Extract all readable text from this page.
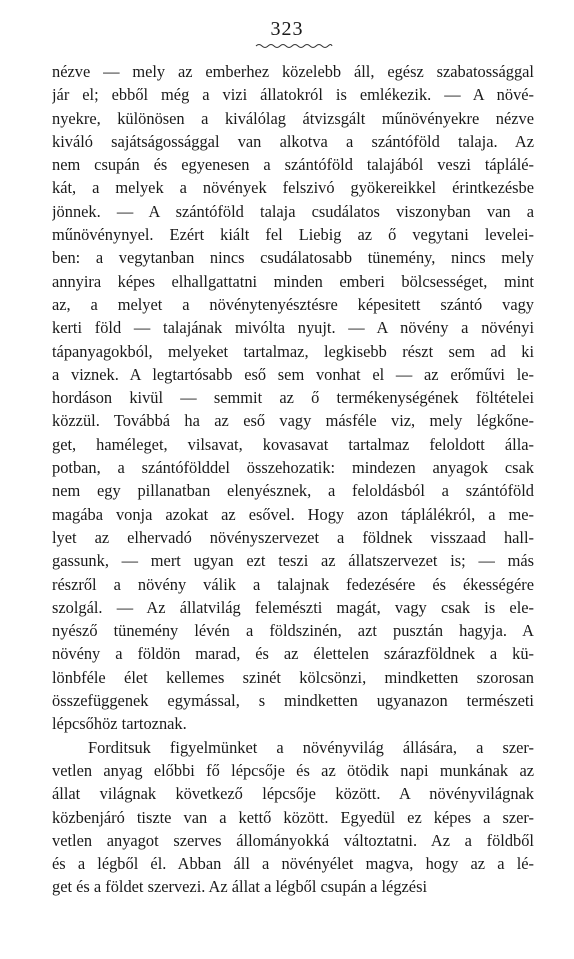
323
nézve — mely az emberhez közelebb áll, egész szabatossággal
jár el; ebből még a vizi állatokról is emlékezik. — A növé-
nyekre, különösen a kiválólag átvizsgált műnövényekre nézve
kiváló sajátságossággal van alkotva a szántóföld talaja. Az
nem csupán és egyenesen a szántóföld talajából veszi táplálé-
kát, a melyek a növények felszivó gyökereikkel érintkezésbe
jönnek. — A szántóföld talaja csudálatos viszonyban van a
műnövénynyel. Ezért kiált fel Liebig az ő vegytani levelei-
ben: a vegytanban nincs csudálatosabb tünemény, nincs mely
annyira képes elhallgattatni minden emberi bölcsességet, mint
az, a melyet a növénytenyésztésre képesitett szántó vagy
kerti föld — talajának mivólta nyujt. — A növény a növényi
tápanyagokból, melyeket tartalmaz, legkisebb részt sem ad ki
a viznek. A legtartósabb eső sem vonhat el — az erőművi le-
hordáson kivül — semmit az ő termékenységének föltételei
közzül. Továbbá ha az eső vagy másféle viz, mely légkőne-
get, haméleget, vilsavat, kovasavat tartalmaz feloldott álla-
potban, a szántófölddel összehozatik: mindezen anyagok csak
nem egy pillanatban elenyésznek, a feloldásból a szántóföld
magába vonja azokat az esővel. Hogy azon táplálékról, a me-
lyet az elhervadó növényszervezet a földnek visszaad hall-
gassunk, — mert ugyan ezt teszi az állatszervezet is; — más
részről a növény válik a talajnak fedezésére és ékességére
szolgál. — Az állatvilág felemészti magát, vagy csak is ele-
nyésző tünemény lévén a földszinén, azt pusztán hagyja. A
növény a földön marad, és az élettelen szárazföldnek a kü-
lönbféle élet kellemes szinét kölcsönzi, mindketten szorosan
összefüggenek egymással, s mindketten ugyanazon természeti
lépcsőhöz tartoznak.
Forditsuk figyelmünket a növényvilág állására, a szer-
vetlen anyag előbbi fő lépcsője és az ötödik napi munkának az
állat világnak következő lépcsője között. A növényvilágnak
közbenjáró tiszte van a kettő között. Egyedül ez képes a szer-
vetlen anyagot szerves állományokká változtatni. Az a földből
és a légből él. Abban áll a növényélet magva, hogy az a lé-
get és a földet szervezi. Az állat a légből csupán a légzési
